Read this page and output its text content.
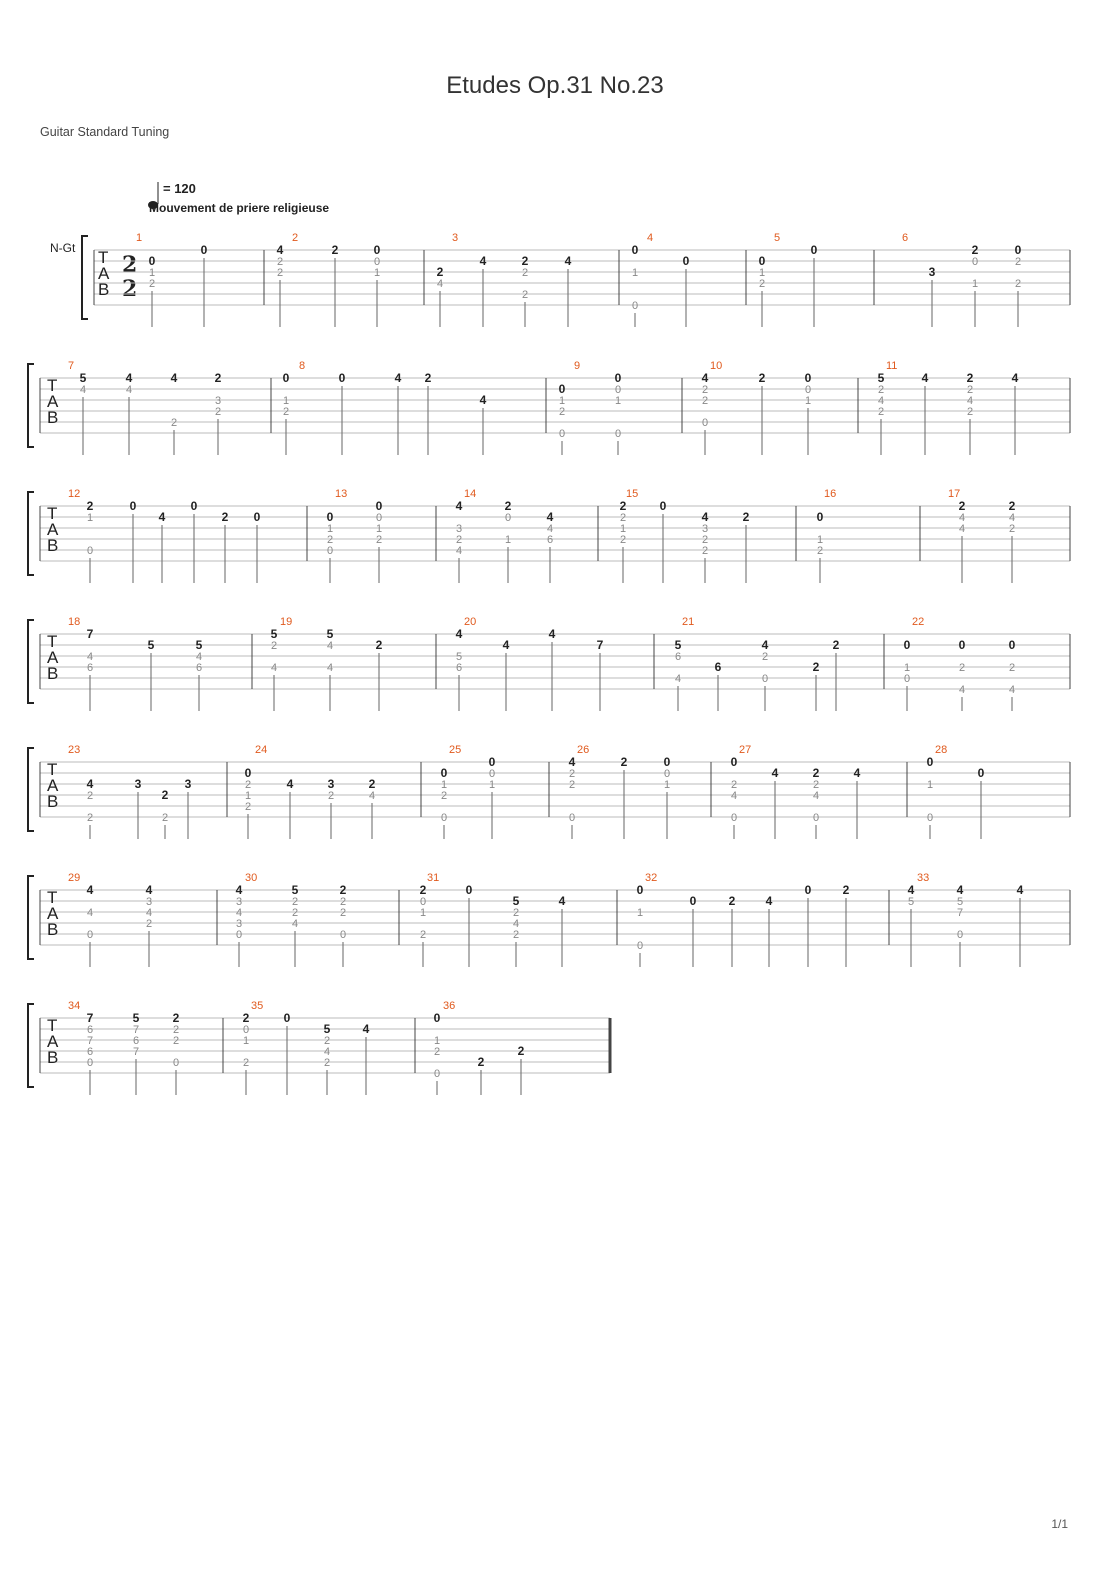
Etudes Op.31 No.23
Guitar Standard Tuning
= 120
Mouvement de priere religieuse
N-Gt
2
2
T
A
B
1
0
1
2
0
2
4
2
2
2	0
0
1
3
2
4
4	2
2
2
4
4
0
1
0
0
5
0
1
2
0
6
3
2
0
1
0
2
2
T
A
B
7
5
4
4
4
4
2
2
3
2
8
0
1
2
0	4 2
4
9
0
1
2
0
0
0
1
0
10
4
2
2
0
2	0
0
1
11
5
2
4
2
4	2
2
4
2
4
T
A
B
12
2
1
0
0
4
0
2 0
13
0
1
2
0
0
0
1
2
14
4
3
2
4
2
0
1
4
4
6
15
2
2
1
2
0
4
3
2
2
2
16
0
1
2
17
2
4
4
2
4
2
T
A
B
18
7
4
6
5	5
4
6
19
5
2
4
5
4
4
2
20
4
5
6
4
4
7
21
5
6
4
6
4
2
0
2
2
22
0
1
0
0
2
4
0
2
4
T
A
B
23
4
2
2
3
2
2
3
24
0
2
1
2
4	3
2
2
4
25
0
1
2
0
0
0
1
26
4
2
2
0
2	0
0
1
27
0
2
4
0
4	2
2
4
0
4
28
0
1
0
0
T
A
B
29
4
4
0
4
3
4
2
30
4
3
4
3
0
5
2
2
4
2
2
2
0
31
2
0
1
2
0
5
2
4
2
4
32
0
1
0
0	2	4
0	2
33
4
5
4
5
7
0
4
T
A
B
34
7
6
7
6
0
5
7
6
7
2
2
2
0
35
2
0
1
2
0
5
2
4
2
4
36
0
1
2
0
2
2
1/1
